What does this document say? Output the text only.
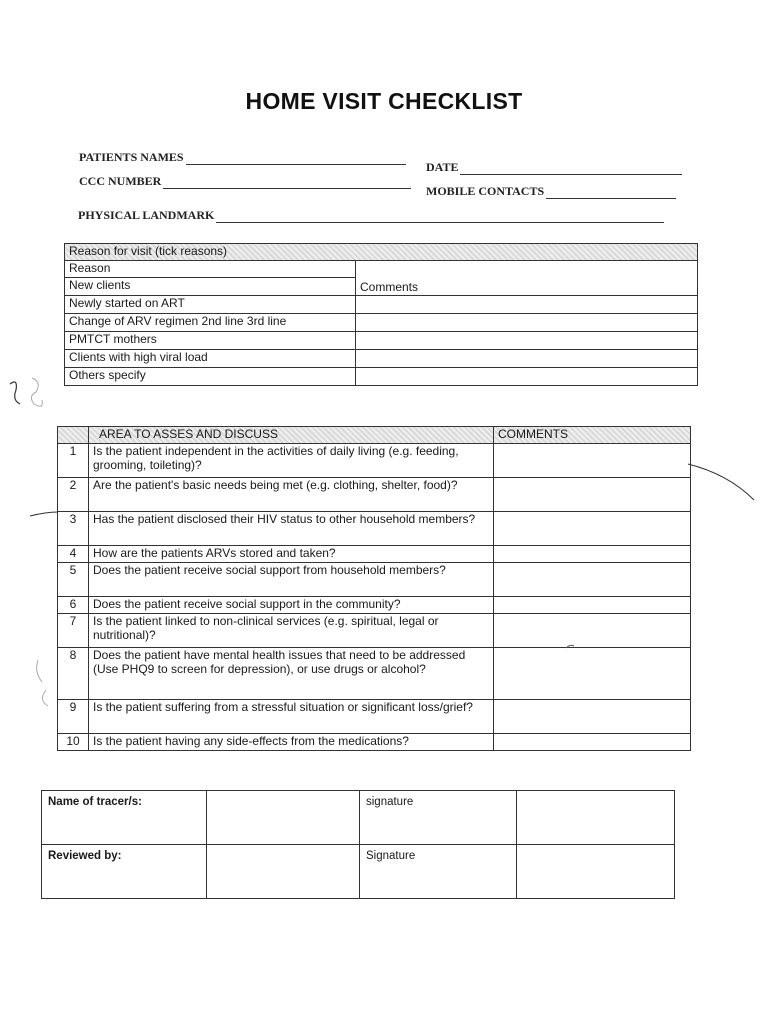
HOME VISIT CHECKLIST
PATIENTS NAMES
DATE
CCC NUMBER
MOBILE CONTACTS
PHYSICAL LANDMARK
Reason for visit (tick reasons)	
Reason	Comments
New clients	
Newly started on ART	
Change of ARV regimen 2nd line 3rd line	
PMTCT mothers	
Clients with high viral load	
Others specify	
	AREA TO ASSES AND DISCUSS	COMMENTS
1	Is the patient independent in the activities of daily living (e.g. feeding, grooming, toileting)?	
2	Are the patient's basic needs being met (e.g. clothing, shelter, food)?	
3	Has the patient disclosed their HIV status to other household members?	
4	How are the patients ARVs stored and taken?	
5	Does the patient receive social support from household members?	
6	Does the patient receive social support in the community?	
7	Is the patient linked to non-clinical services (e.g. spiritual, legal or nutritional)?	
8	Does the patient have mental health issues that need to be addressed (Use PHQ9 to screen for depression), or use drugs or alcohol?	
9	Is the patient suffering from a stressful situation or significant loss/grief?	
10	Is the patient having any side-effects from the medications?	
Name of tracer/s:		signature	
Reviewed by:		Signature	
